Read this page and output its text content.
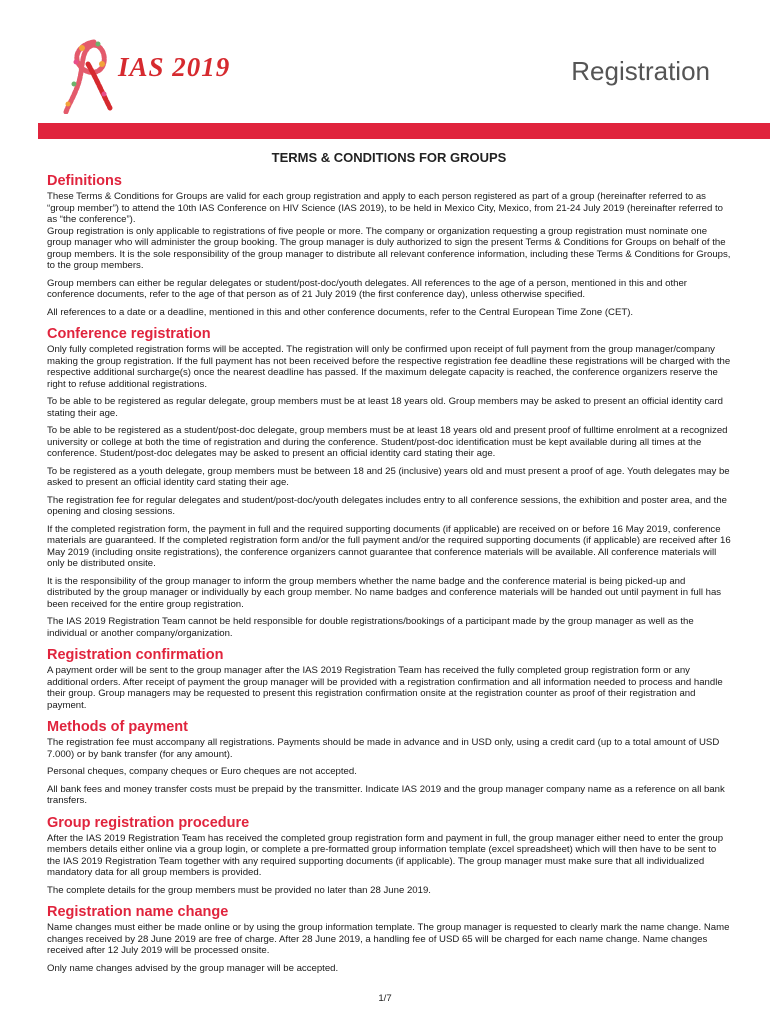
IAS 2019	Registration
TERMS & CONDITIONS FOR GROUPS
Definitions

These Terms & Conditions for Groups are valid for each group registration and apply to each person registered as part of a group (hereinafter referred to as “group member”) to attend the 10th IAS Conference on HIV Science (IAS 2019), to be held in Mexico City, Mexico, from 21-24 July 2019 (hereinafter referred to as “the conference”).

Group registration is only applicable to registrations of five people or more. The company or organization requesting a group registration must nominate one group manager who will administer the group booking. The group manager is duly authorized to sign the present Terms & Conditions for Groups on behalf of the group members. It is the sole responsibility of the group manager to distribute all relevant conference information, including these Terms & Conditions for Groups, to the group members.

Group members can either be regular delegates or student/post-doc/youth delegates. All references to the age of a person, mentioned in this and other conference documents, refer to the age of that person as of 21 July 2019 (the first conference day), unless otherwise specified.

All references to a date or a deadline, mentioned in this and other conference documents, refer to the Central European Time Zone (CET).

Conference registration

Only fully completed registration forms will be accepted. The registration will only be confirmed upon receipt of full payment from the group manager/company making the group registration. If the full payment has not been received before the respective registration fee deadline these registrations will be charged with the respective additional surcharge(s) once the nearest deadline has passed. If the maximum delegate capacity is reached, the conference organizers reserve the right to refuse additional registrations.

To be able to be registered as regular delegate, group members must be at least 18 years old. Group members may be asked to present an official identity card stating their age.

To be able to be registered as a student/post-doc delegate, group members must be at least 18 years old and present proof of fulltime enrolment at a recognized university or college at both the time of registration and during the conference. Student/post-doc identification must be kept available during all times at the conference. Student/post-doc delegates may be asked to present an official identity card stating their age.

To be registered as a youth delegate, group members must be between 18 and 25 (inclusive) years old and must present a proof of age. Youth delegates may be asked to present an official identity card stating their age.

The registration fee for regular delegates and student/post-doc/youth delegates includes entry to all conference sessions, the exhibition and poster area, and the opening and closing sessions.

If the completed registration form, the payment in full and the required supporting documents (if applicable) are received on or before 16 May 2019, conference materials are guaranteed. If the completed registration form and/or the full payment and/or the required supporting documents (if applicable) are received after 16 May 2019 (including onsite registrations), the conference organizers cannot guarantee that conference materials will be available. All conference materials will only be distributed onsite.

It is the responsibility of the group manager to inform the group members whether the name badge and the conference material is being picked-up and distributed by the group manager or individually by each group member. No name badges and conference materials will be handed out until payment in full has been received for the entire group registration.

The IAS 2019 Registration Team cannot be held responsible for double registrations/bookings of a participant made by the group manager as well as the individual or another company/organization.

Registration confirmation

A payment order will be sent to the group manager after the IAS 2019 Registration Team has received the fully completed group registration form or any additional orders. After receipt of payment the group manager will be provided with a registration confirmation and all information needed to process and handle their group. Group managers may be requested to present this registration confirmation onsite at the registration counter as proof of their registration and payment.

Methods of payment

The registration fee must accompany all registrations. Payments should be made in advance and in USD only, using a credit card (up to a total amount of USD 7.000) or by bank transfer (for any amount).

Personal cheques, company cheques or Euro cheques are not accepted.

All bank fees and money transfer costs must be prepaid by the transmitter. Indicate IAS 2019 and the group manager company name as a reference on all bank transfers.

Group registration procedure

After the IAS 2019 Registration Team has received the completed group registration form and payment in full, the group manager either need to enter the group members details either online via a group login, or complete a pre-formatted group information template (excel spreadsheet) which will then have to be sent to the IAS 2019 Registration Team together with any required supporting documents (if applicable). The group manager must make sure that all individualized mandatory data for all group members is provided.

The complete details for the group members must be provided no later than 28 June 2019.

Registration name change

Name changes must either be made online or by using the group information template. The group manager is requested to clearly mark the name change. Name changes received by 28 June 2019 are free of charge. After 28 June 2019, a handling fee of USD 65 will be charged for each name change. Name changes received after 12 July 2019 will be processed onsite.

Only name changes advised by the group manager will be accepted.

1/7
